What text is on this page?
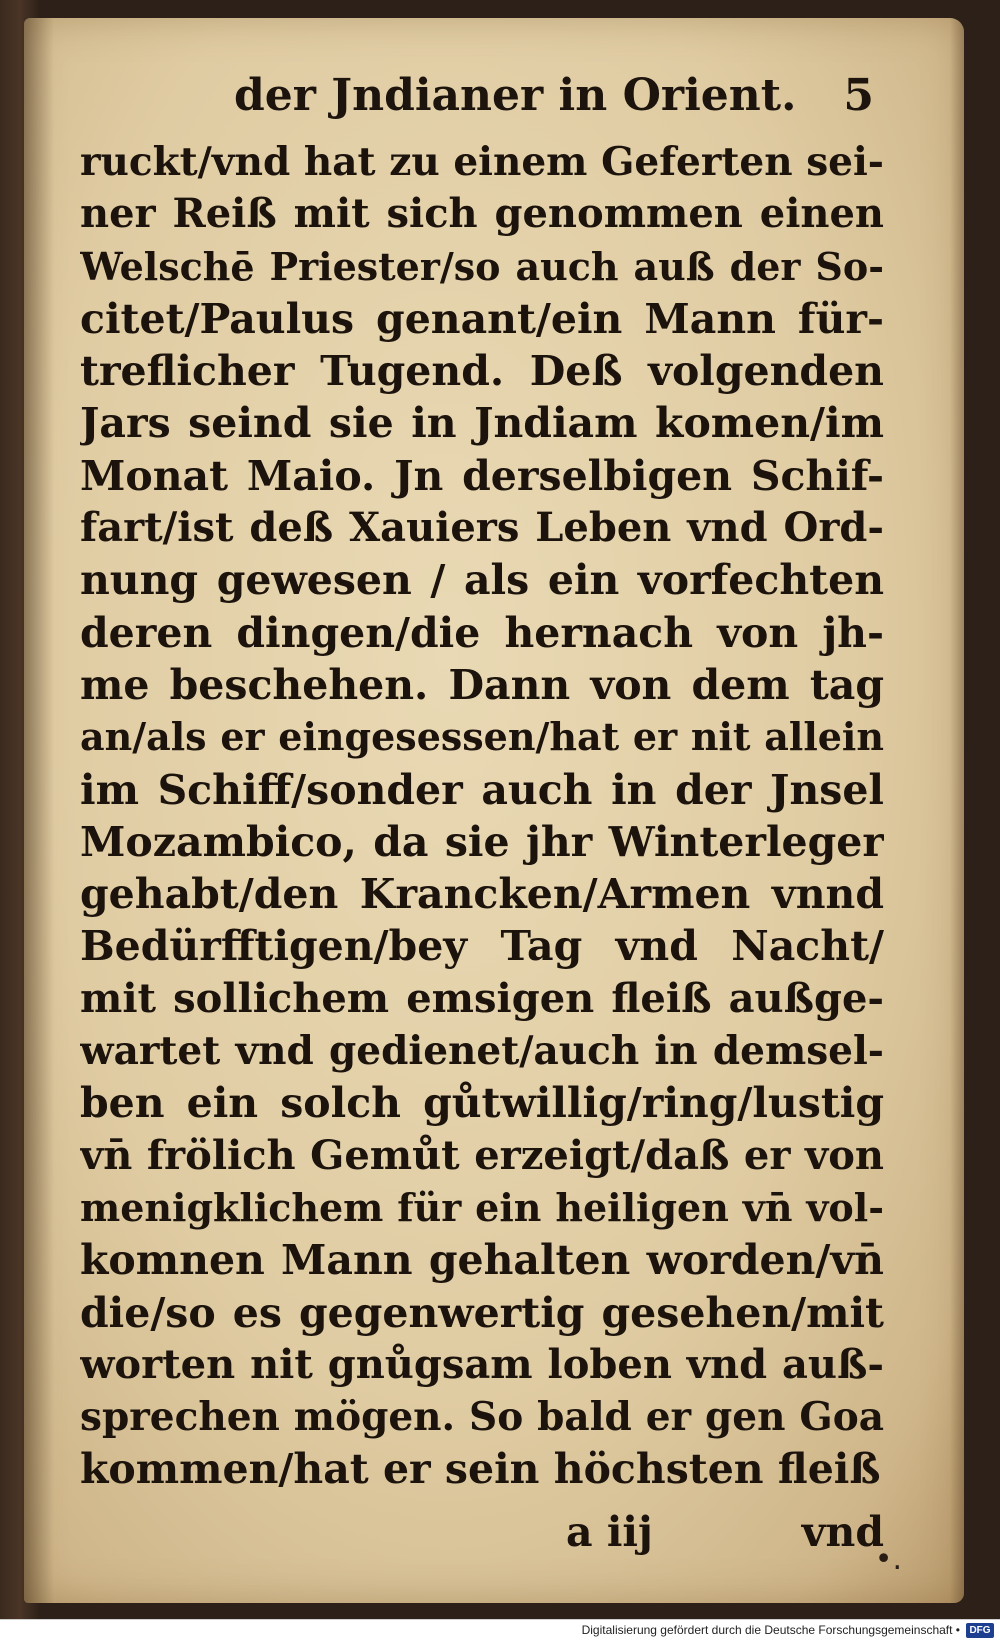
der Jndianer in Orient. 5
ruckt/vnd hat zu einem Geferten sei-
ner Reiß mit sich genommen einen
Welschē Priester/so auch auß der So-
citet/Paulus genant/ein Mann für-
treflicher Tugend. Deß volgenden
Jars seind sie in Jndiam komen/im
Monat Maio. Jn derselbigen Schif-
fart/ist deß Xauiers Leben vnd Ord-
nung gewesen / als ein vorfechten
deren dingen/die hernach von jh-
me beschehen. Dann von dem tag
an/als er eingesessen/hat er nit allein
im Schiff/sonder auch in der Jnsel
Mozambico, da sie jhr Winterleger
gehabt/den Krancken/Armen vnnd
Bedürfftigen/bey Tag vnd Nacht/
mit sollichem emsigen fleiß außge-
wartet vnd gedienet/auch in demsel-
ben ein solch gůtwillig/ring/lustig
vn̄ frölich Gemůt erzeigt/daß er von
menigklichem für ein heiligen vn̄ vol-
komnen Mann gehalten worden/vn̄
die/so es gegenwertig gesehen/mit
worten nit gnůgsam loben vnd auß-
sprechen mögen. So bald er gen Goa
kommen/hat er sein höchsten fleiß
a iij	vnd
•.
Digitalisierung gefördert durch die Deutsche Forschungsgemeinschaft • DFG
